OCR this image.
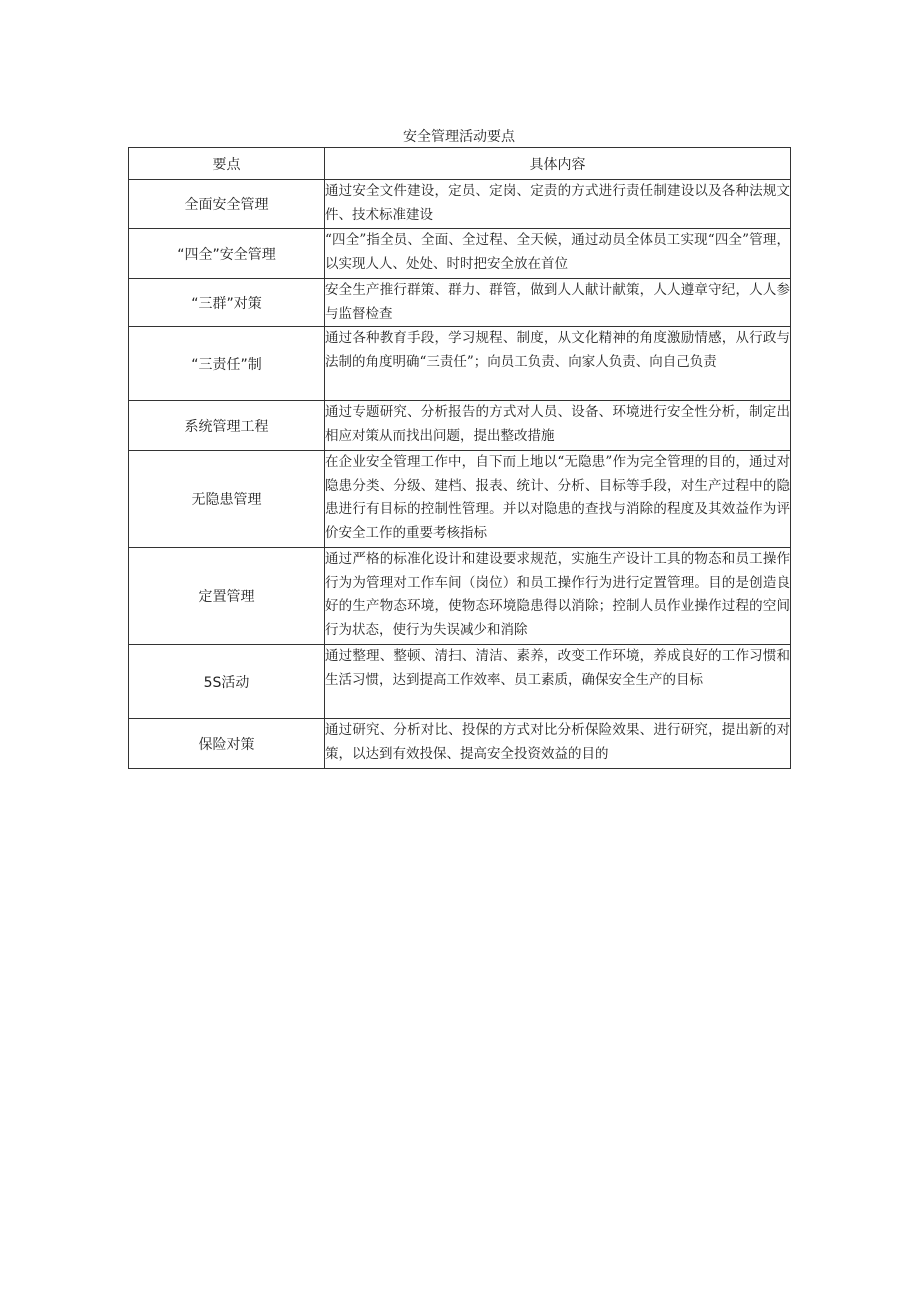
安全管理活动要点
要点	具体内容
全面安全管理	通过安全文件建设，定员、定岗、定责的方式进行责任制建设以及各种法规文件、技术标准建设
“四全”安全管理	“四全”指全员、全面、全过程、全天候，通过动员全体员工实现“四全”管理，以实现人人、处处、时时把安全放在首位
“三群”对策	安全生产推行群策、群力、群管，做到人人献计献策，人人遵章守纪，人人参与监督检查
“三责任”制	通过各种教育手段，学习规程、制度，从文化精神的角度激励情感，从行政与法制的角度明确“三责任”；向员工负责、向家人负责、向自己负责
系统管理工程	通过专题研究、分析报告的方式对人员、设备、环境进行安全性分析，制定出相应对策从而找出问题，提出整改措施
无隐患管理	在企业安全管理工作中，自下而上地以“无隐患”作为完全管理的目的，通过对隐患分类、分级、建档、报表、统计、分析、目标等手段，对生产过程中的隐患进行有目标的控制性管理。并以对隐患的查找与消除的程度及其效益作为评价安全工作的重要考核指标
定置管理	通过严格的标准化设计和建设要求规范，实施生产设计工具的物态和员工操作行为为管理对工作车间（岗位）和员工操作行为进行定置管理。目的是创造良好的生产物态环境，使物态环境隐患得以消除；控制人员作业操作过程的空间行为状态，使行为失误减少和消除
5S活动	通过整理、整顿、清扫、清洁、素养，改变工作环境，养成良好的工作习惯和生活习惯，达到提高工作效率、员工素质，确保安全生产的目标
保险对策	通过研究、分析对比、投保的方式对比分析保险效果、进行研究，提出新的对策，以达到有效投保、提高安全投资效益的目的
